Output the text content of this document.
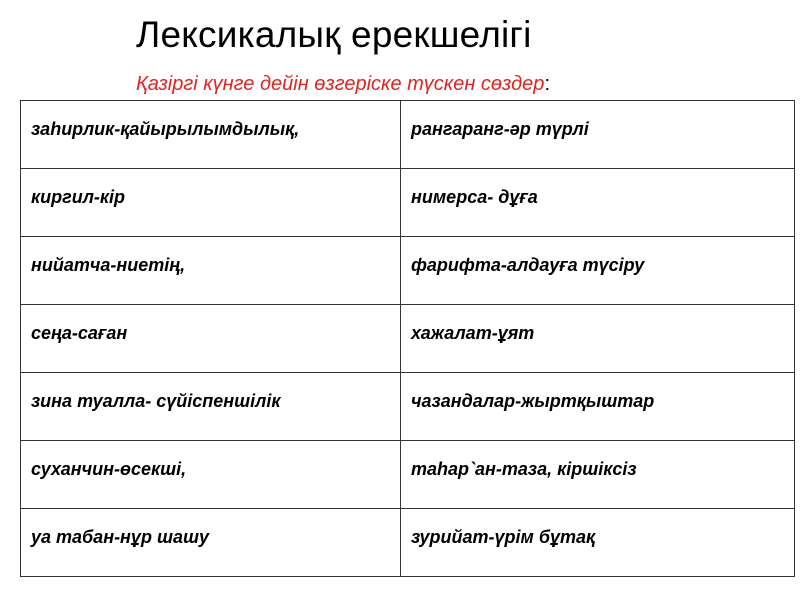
Лексикалық ерекшелігі
Қазіргі күнге дейін өзгеріске түскен сөздер:
заһирлик-қайырылымдылық,	рангаранг-әр түрлі
киргил-кір	нимерса- дұға
нийатча-ниетің,	фарифта-алдауға түсіру
сеңа-саған	хажалат-ұят
зина туалла- сүйіспеншілік	чазандалар-жыртқыштар
суханчин-өсекші,	таһар`ан-таза, кіршіксіз
уа табан-нұр шашу	зурийат-үрім бұтақ
